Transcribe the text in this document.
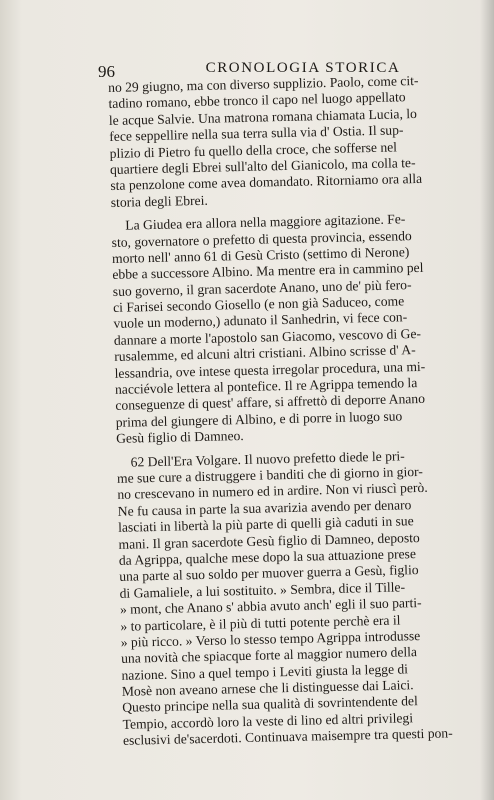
96	CRONOLOGIA STORICA
no 29 giugno, ma con diverso supplizio. Paolo, come cit-
tadino romano, ebbe tronco il capo nel luogo appellato
le acque Salvie. Una matrona romana chiamata Lucia, lo
fece seppellire nella sua terra sulla via d' Ostia. Il sup-
plizio di Pietro fu quello della croce, che sofferse nel
quartiere degli Ebrei sull'alto del Gianicolo, ma colla te-
sta penzolone come avea domandato. Ritorniamo ora alla
storia degli Ebrei.
La Giudea era allora nella maggiore agitazione. Fe-
sto, governatore o prefetto di questa provincia, essendo
morto nell' anno 61 di Gesù Cristo (settimo di Nerone)
ebbe a successore Albino. Ma mentre era in cammino pel
suo governo, il gran sacerdote Anano, uno de' più fero-
ci Farisei secondo Giosello (e non già Saduceo, come
vuole un moderno,) adunato il Sanhedrin, vi fece con-
dannare a morte l'apostolo san Giacomo, vescovo di Ge-
rusalemme, ed alcuni altri cristiani. Albino scrisse d' A-
lessandria, ove intese questa irregolar procedura, una mi-
nacciévole lettera al pontefice. Il re Agrippa temendo la
conseguenze di quest' affare, si affrettò di deporre Anano
prima del giungere di Albino, e di porre in luogo suo
Gesù figlio di Damneo.
62 Dell'Era Volgare. Il nuovo prefetto diede le pri-
me sue cure a distruggere i banditi che di giorno in gior-
no crescevano in numero ed in ardire. Non vi riuscì però.
Ne fu causa in parte la sua avarizia avendo per denaro
lasciati in libertà la più parte di quelli già caduti in sue
mani. Il gran sacerdote Gesù figlio di Damneo, deposto
da Agrippa, qualche mese dopo la sua attuazione prese
una parte al suo soldo per muover guerra a Gesù, figlio
di Gamaliele, a lui sostituito. » Sembra, dice il Tille-
» mont, che Anano s' abbia avuto anch' egli il suo parti-
» to particolare, è il più di tutti potente perchè era il
» più ricco. » Verso lo stesso tempo Agrippa introdusse
una novità che spiacque forte al maggior numero della
nazione. Sino a quel tempo i Leviti giusta la legge di
Mosè non aveano arnese che li distinguesse dai Laici.
Questo principe nella sua qualità di sovrintendente del
Tempio, accordò loro la veste di lino ed altri privilegi
esclusivi de'sacerdoti. Continuava maisempre tra questi pon-
